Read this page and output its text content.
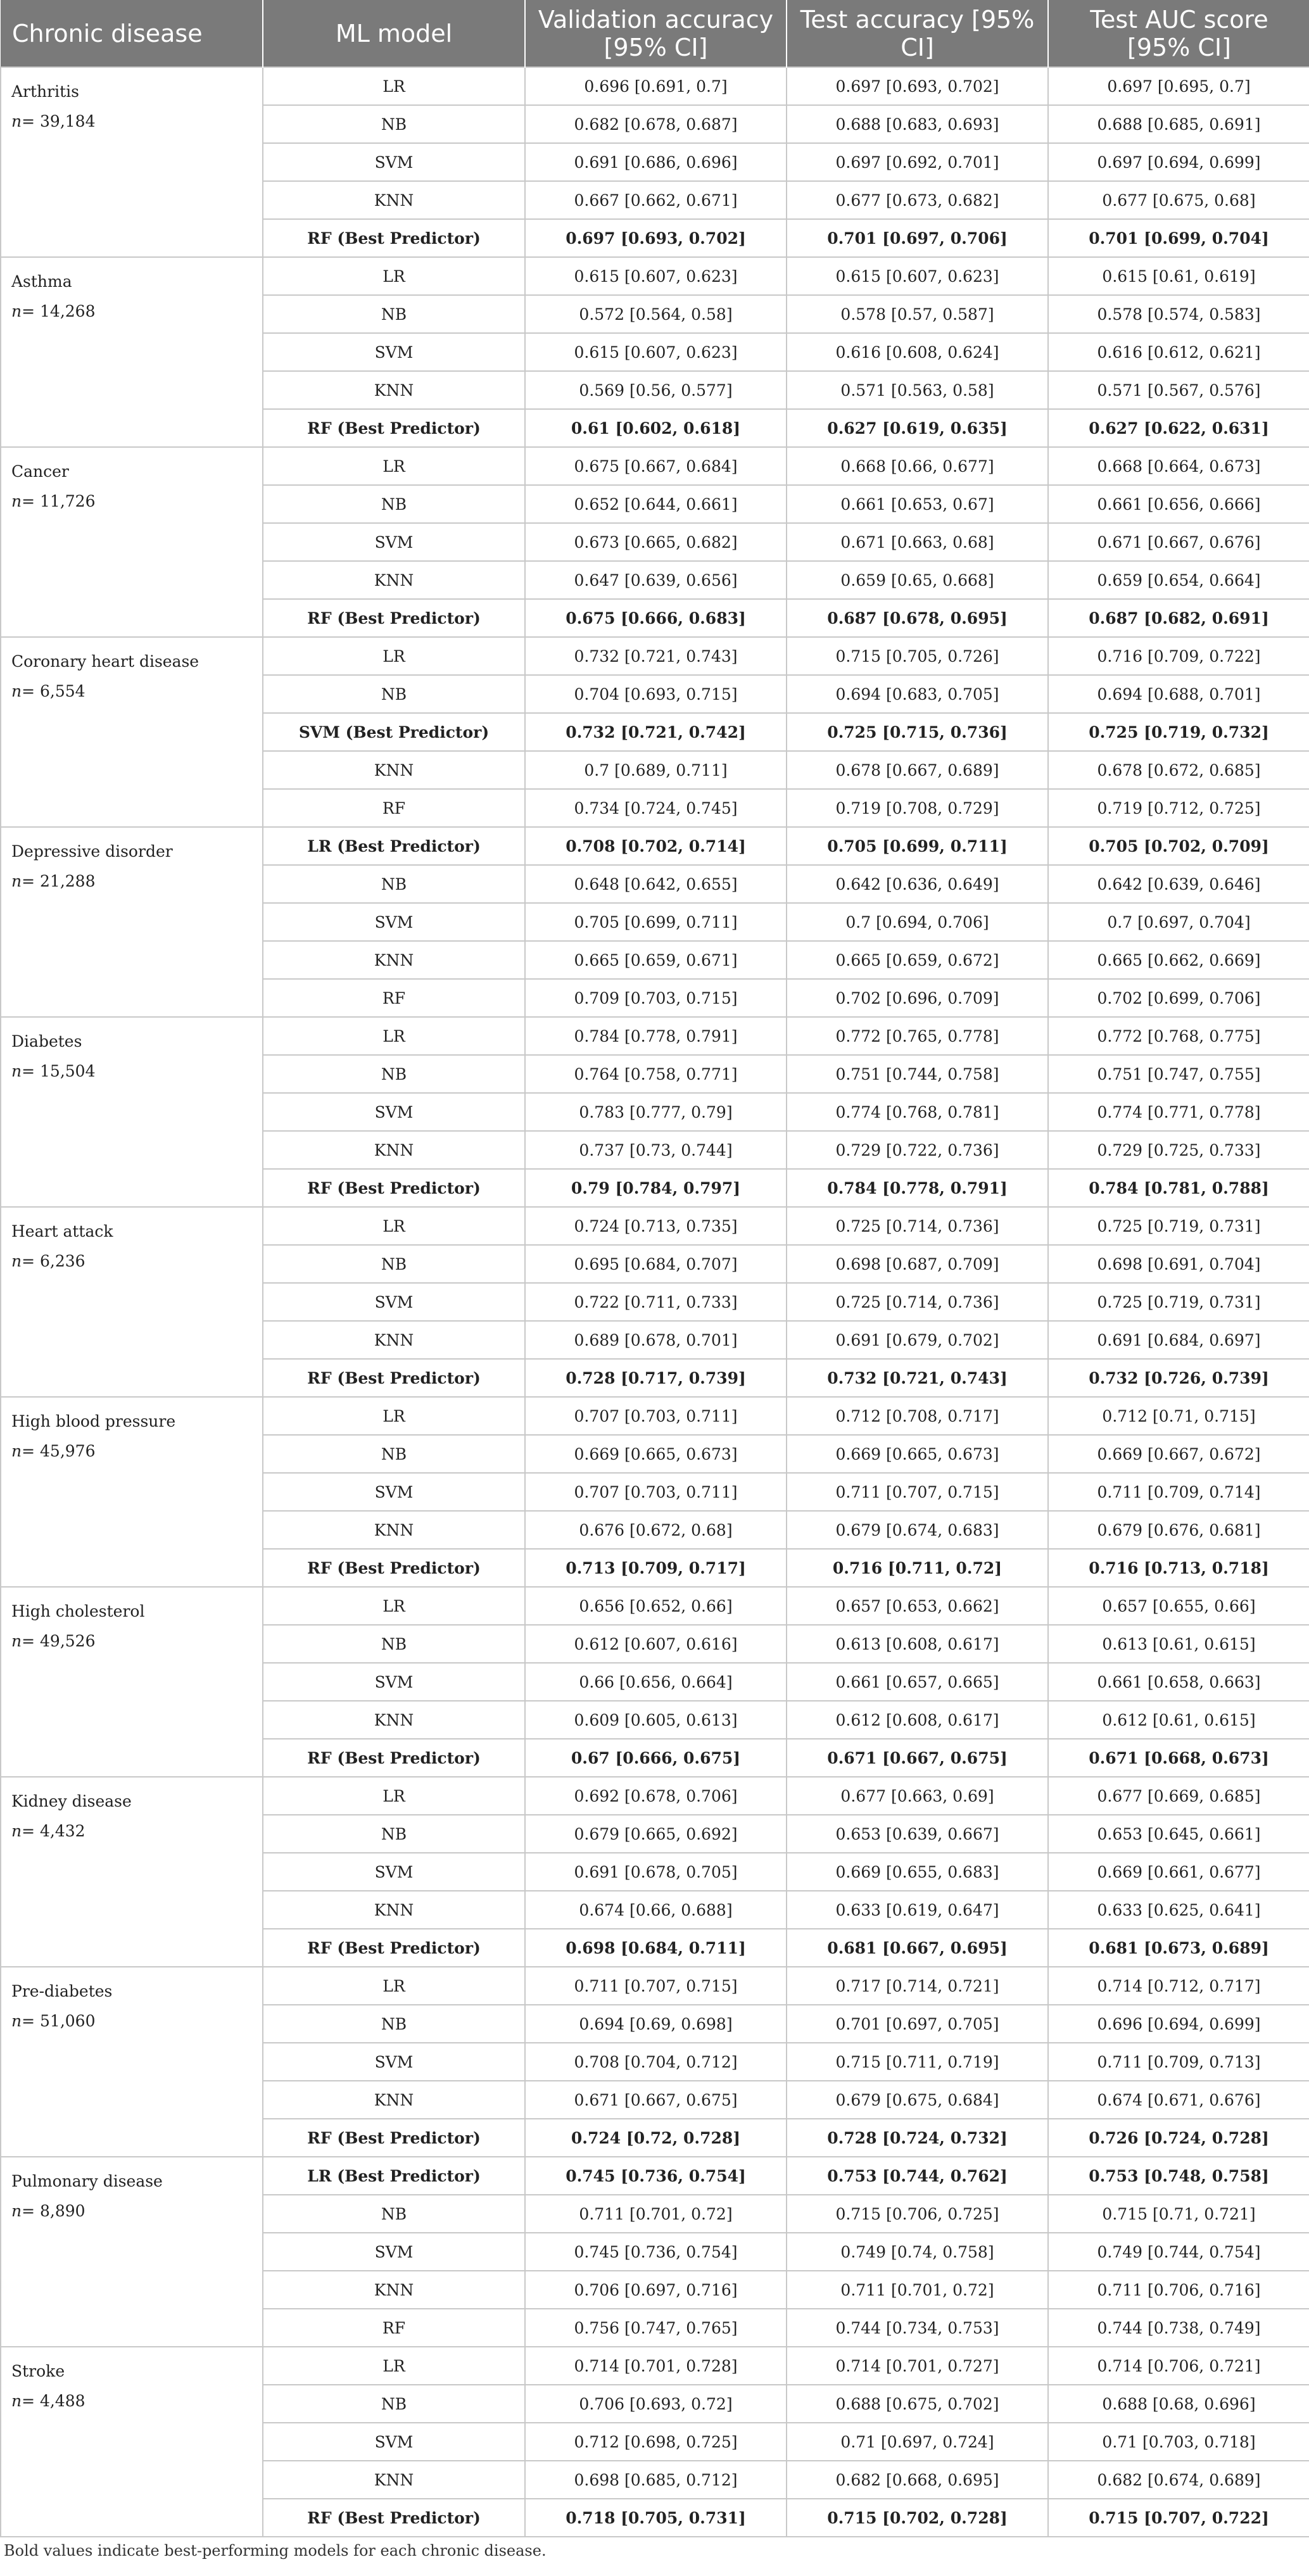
Chronic disease	ML model	Validation accuracy [95% CI]	Test accuracy [95% CI]	Test AUC score [95% CI]

Arthritis
n= 39,184	LR	0.696 [0.691, 0.7]	0.697 [0.693, 0.702]	0.697 [0.695, 0.7]
	NB	0.682 [0.678, 0.687]	0.688 [0.683, 0.693]	0.688 [0.685, 0.691]
	SVM	0.691 [0.686, 0.696]	0.697 [0.692, 0.701]	0.697 [0.694, 0.699]
	KNN	0.667 [0.662, 0.671]	0.677 [0.673, 0.682]	0.677 [0.675, 0.68]
	RF (Best Predictor)	0.697 [0.693, 0.702]	0.701 [0.697, 0.706]	0.701 [0.699, 0.704]

Asthma
n= 14,268	LR	0.615 [0.607, 0.623]	0.615 [0.607, 0.623]	0.615 [0.61, 0.619]
	NB	0.572 [0.564, 0.58]	0.578 [0.57, 0.587]	0.578 [0.574, 0.583]
	SVM	0.615 [0.607, 0.623]	0.616 [0.608, 0.624]	0.616 [0.612, 0.621]
	KNN	0.569 [0.56, 0.577]	0.571 [0.563, 0.58]	0.571 [0.567, 0.576]
	RF (Best Predictor)	0.61 [0.602, 0.618]	0.627 [0.619, 0.635]	0.627 [0.622, 0.631]

Cancer
n= 11,726	LR	0.675 [0.667, 0.684]	0.668 [0.66, 0.677]	0.668 [0.664, 0.673]
	NB	0.652 [0.644, 0.661]	0.661 [0.653, 0.67]	0.661 [0.656, 0.666]
	SVM	0.673 [0.665, 0.682]	0.671 [0.663, 0.68]	0.671 [0.667, 0.676]
	KNN	0.647 [0.639, 0.656]	0.659 [0.65, 0.668]	0.659 [0.654, 0.664]
	RF (Best Predictor)	0.675 [0.666, 0.683]	0.687 [0.678, 0.695]	0.687 [0.682, 0.691]

Coronary heart disease
n= 6,554	LR	0.732 [0.721, 0.743]	0.715 [0.705, 0.726]	0.716 [0.709, 0.722]
	NB	0.704 [0.693, 0.715]	0.694 [0.683, 0.705]	0.694 [0.688, 0.701]
	SVM (Best Predictor)	0.732 [0.721, 0.742]	0.725 [0.715, 0.736]	0.725 [0.719, 0.732]
	KNN	0.7 [0.689, 0.711]	0.678 [0.667, 0.689]	0.678 [0.672, 0.685]
	RF	0.734 [0.724, 0.745]	0.719 [0.708, 0.729]	0.719 [0.712, 0.725]

Depressive disorder
n= 21,288	LR (Best Predictor)	0.708 [0.702, 0.714]	0.705 [0.699, 0.711]	0.705 [0.702, 0.709]
	NB	0.648 [0.642, 0.655]	0.642 [0.636, 0.649]	0.642 [0.639, 0.646]
	SVM	0.705 [0.699, 0.711]	0.7 [0.694, 0.706]	0.7 [0.697, 0.704]
	KNN	0.665 [0.659, 0.671]	0.665 [0.659, 0.672]	0.665 [0.662, 0.669]
	RF	0.709 [0.703, 0.715]	0.702 [0.696, 0.709]	0.702 [0.699, 0.706]

Diabetes
n= 15,504	LR	0.784 [0.778, 0.791]	0.772 [0.765, 0.778]	0.772 [0.768, 0.775]
	NB	0.764 [0.758, 0.771]	0.751 [0.744, 0.758]	0.751 [0.747, 0.755]
	SVM	0.783 [0.777, 0.79]	0.774 [0.768, 0.781]	0.774 [0.771, 0.778]
	KNN	0.737 [0.73, 0.744]	0.729 [0.722, 0.736]	0.729 [0.725, 0.733]
	RF (Best Predictor)	0.79 [0.784, 0.797]	0.784 [0.778, 0.791]	0.784 [0.781, 0.788]

Heart attack
n= 6,236	LR	0.724 [0.713, 0.735]	0.725 [0.714, 0.736]	0.725 [0.719, 0.731]
	NB	0.695 [0.684, 0.707]	0.698 [0.687, 0.709]	0.698 [0.691, 0.704]
	SVM	0.722 [0.711, 0.733]	0.725 [0.714, 0.736]	0.725 [0.719, 0.731]
	KNN	0.689 [0.678, 0.701]	0.691 [0.679, 0.702]	0.691 [0.684, 0.697]
	RF (Best Predictor)	0.728 [0.717, 0.739]	0.732 [0.721, 0.743]	0.732 [0.726, 0.739]

High blood pressure
n= 45,976	LR	0.707 [0.703, 0.711]	0.712 [0.708, 0.717]	0.712 [0.71, 0.715]
	NB	0.669 [0.665, 0.673]	0.669 [0.665, 0.673]	0.669 [0.667, 0.672]
	SVM	0.707 [0.703, 0.711]	0.711 [0.707, 0.715]	0.711 [0.709, 0.714]
	KNN	0.676 [0.672, 0.68]	0.679 [0.674, 0.683]	0.679 [0.676, 0.681]
	RF (Best Predictor)	0.713 [0.709, 0.717]	0.716 [0.711, 0.72]	0.716 [0.713, 0.718]

High cholesterol
n= 49,526	LR	0.656 [0.652, 0.66]	0.657 [0.653, 0.662]	0.657 [0.655, 0.66]
	NB	0.612 [0.607, 0.616]	0.613 [0.608, 0.617]	0.613 [0.61, 0.615]
	SVM	0.66 [0.656, 0.664]	0.661 [0.657, 0.665]	0.661 [0.658, 0.663]
	KNN	0.609 [0.605, 0.613]	0.612 [0.608, 0.617]	0.612 [0.61, 0.615]
	RF (Best Predictor)	0.67 [0.666, 0.675]	0.671 [0.667, 0.675]	0.671 [0.668, 0.673]

Kidney disease
n= 4,432	LR	0.692 [0.678, 0.706]	0.677 [0.663, 0.69]	0.677 [0.669, 0.685]
	NB	0.679 [0.665, 0.692]	0.653 [0.639, 0.667]	0.653 [0.645, 0.661]
	SVM	0.691 [0.678, 0.705]	0.669 [0.655, 0.683]	0.669 [0.661, 0.677]
	KNN	0.674 [0.66, 0.688]	0.633 [0.619, 0.647]	0.633 [0.625, 0.641]
	RF (Best Predictor)	0.698 [0.684, 0.711]	0.681 [0.667, 0.695]	0.681 [0.673, 0.689]

Pre-diabetes
n= 51,060	LR	0.711 [0.707, 0.715]	0.717 [0.714, 0.721]	0.714 [0.712, 0.717]
	NB	0.694 [0.69, 0.698]	0.701 [0.697, 0.705]	0.696 [0.694, 0.699]
	SVM	0.708 [0.704, 0.712]	0.715 [0.711, 0.719]	0.711 [0.709, 0.713]
	KNN	0.671 [0.667, 0.675]	0.679 [0.675, 0.684]	0.674 [0.671, 0.676]
	RF (Best Predictor)	0.724 [0.72, 0.728]	0.728 [0.724, 0.732]	0.726 [0.724, 0.728]

Pulmonary disease
n= 8,890	LR (Best Predictor)	0.745 [0.736, 0.754]	0.753 [0.744, 0.762]	0.753 [0.748, 0.758]
	NB	0.711 [0.701, 0.72]	0.715 [0.706, 0.725]	0.715 [0.71, 0.721]
	SVM	0.745 [0.736, 0.754]	0.749 [0.74, 0.758]	0.749 [0.744, 0.754]
	KNN	0.706 [0.697, 0.716]	0.711 [0.701, 0.72]	0.711 [0.706, 0.716]
	RF	0.756 [0.747, 0.765]	0.744 [0.734, 0.753]	0.744 [0.738, 0.749]

Stroke
n= 4,488	LR	0.714 [0.701, 0.728]	0.714 [0.701, 0.727]	0.714 [0.706, 0.721]
	NB	0.706 [0.693, 0.72]	0.688 [0.675, 0.702]	0.688 [0.68, 0.696]
	SVM	0.712 [0.698, 0.725]	0.71 [0.697, 0.724]	0.71 [0.703, 0.718]
	KNN	0.698 [0.685, 0.712]	0.682 [0.668, 0.695]	0.682 [0.674, 0.689]
	RF (Best Predictor)	0.718 [0.705, 0.731]	0.715 [0.702, 0.728]	0.715 [0.707, 0.722]
Bold values indicate best-performing models for each chronic disease.
